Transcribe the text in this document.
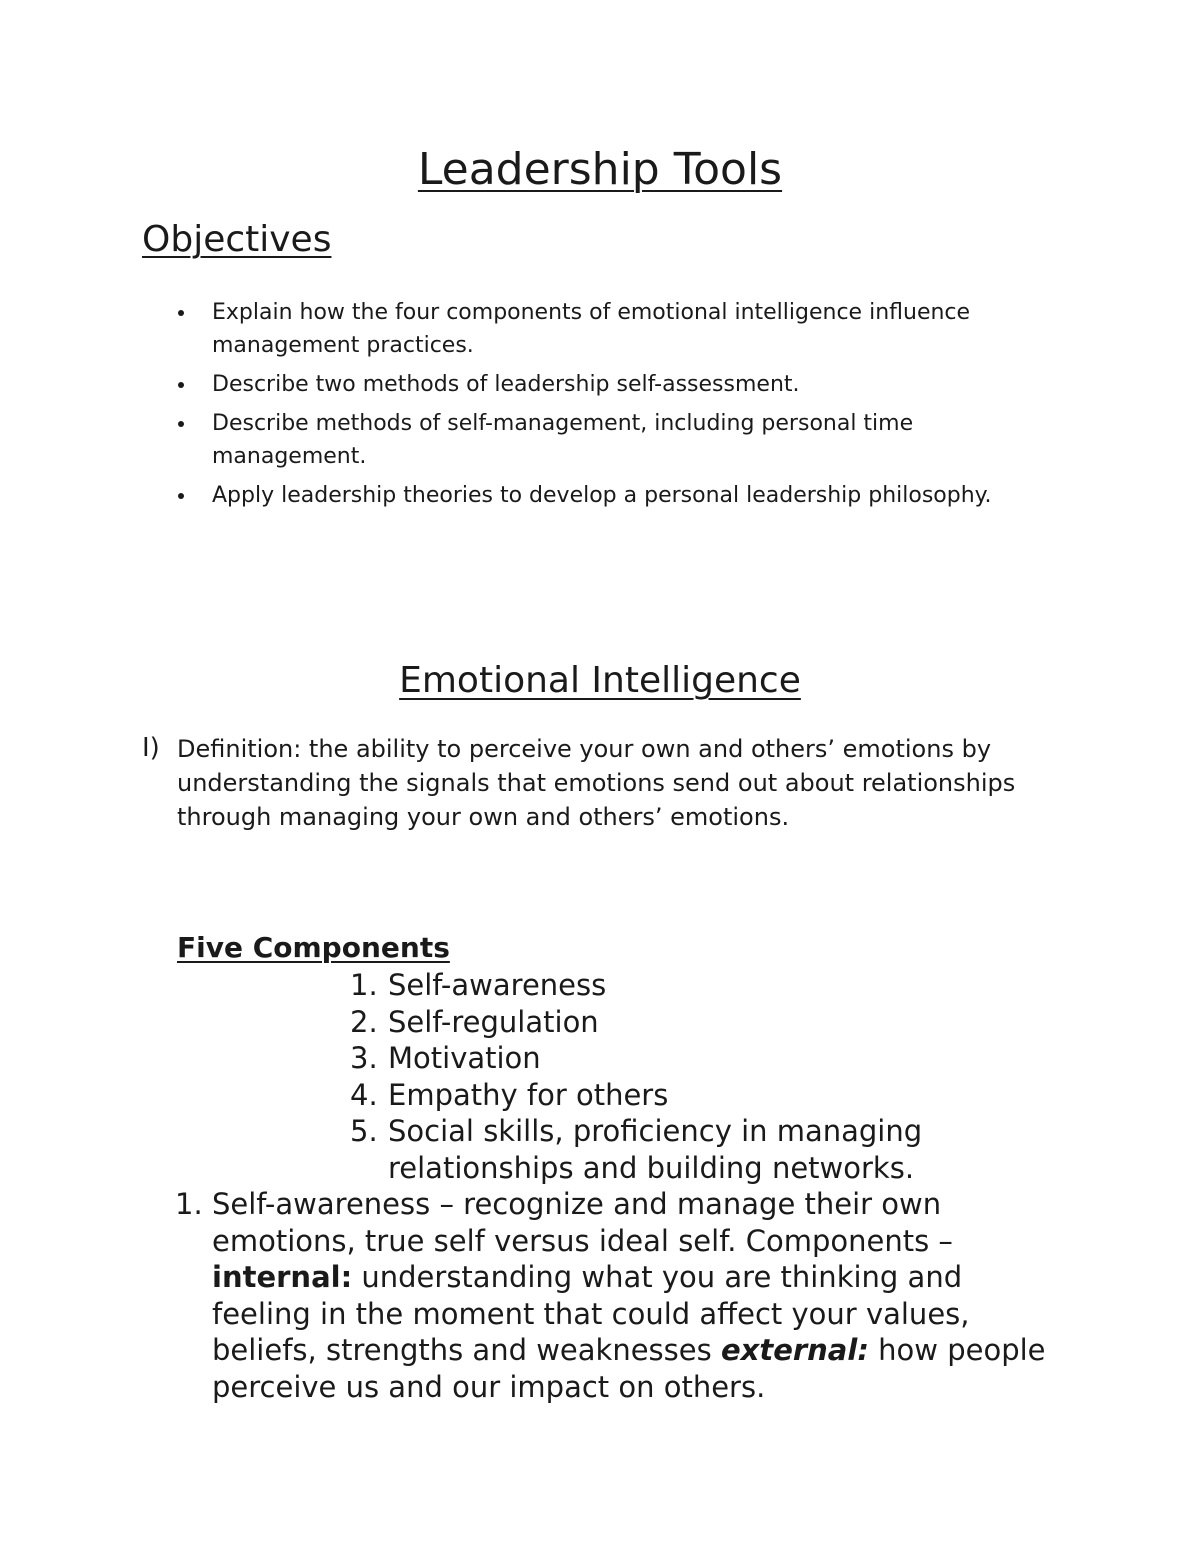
Leadership Tools
Objectives
Explain how the four components of emotional intelligence influence management practices.
Describe two methods of leadership self-assessment.
Describe methods of self-management, including personal time management.
Apply leadership theories to develop a personal leadership philosophy.
Emotional Intelligence
I) Definition: the ability to perceive your own and others’ emotions by understanding the signals that emotions send out about relationships through managing your own and others’ emotions.
Five Components
1. Self-awareness
2. Self-regulation
3. Motivation
4. Empathy for others
5. Social skills, proficiency in managing relationships and building networks.
1. Self-awareness – recognize and manage their own emotions, true self versus ideal self. Components – internal: understanding what you are thinking and feeling in the moment that could affect your values, beliefs, strengths and weaknesses external: how people perceive us and our impact on others.
